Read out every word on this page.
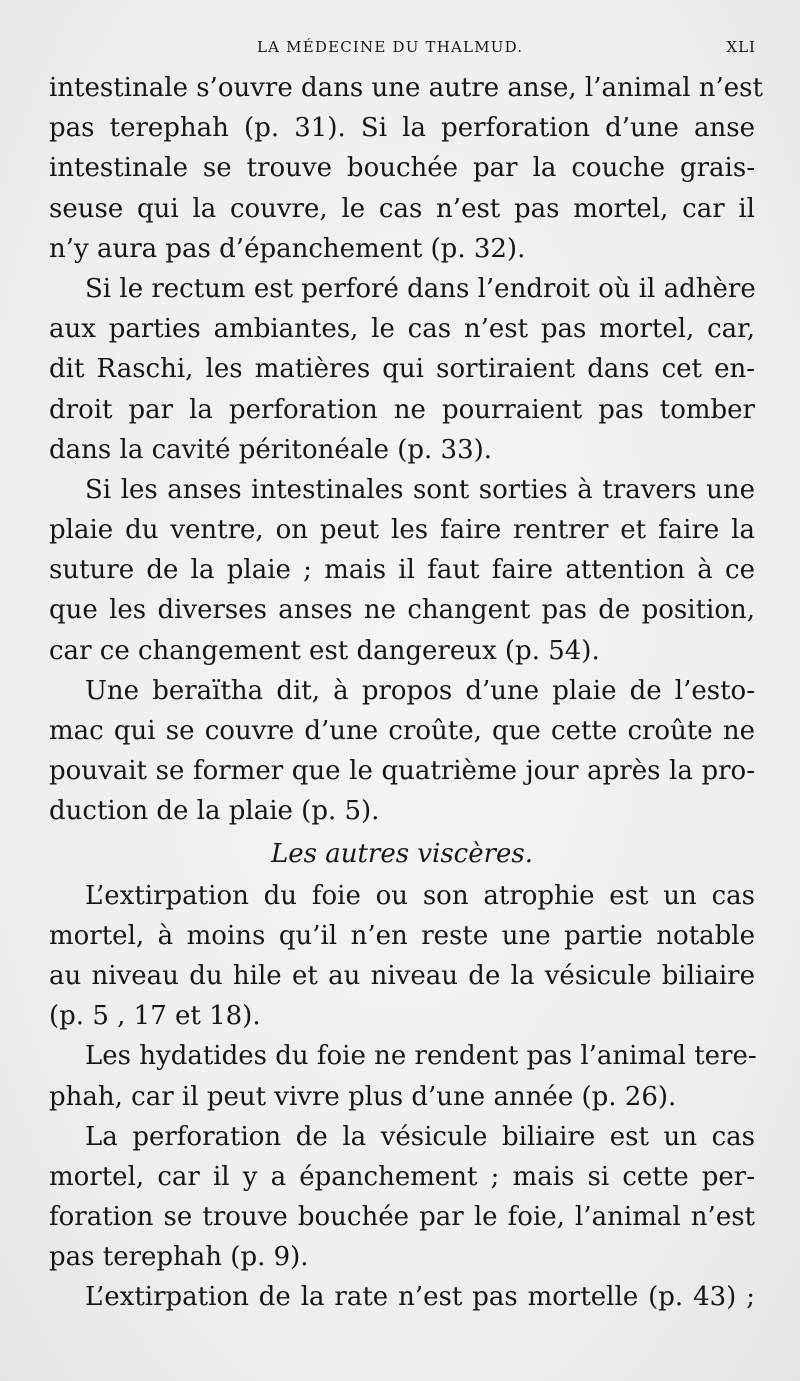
LA MÉDECINE DU THALMUD.	XLI
intestinale s’ouvre dans une autre anse, l’animal n’est
pas terephah (p. 31). Si la perforation d’une anse
intestinale se trouve bouchée par la couche grais-
seuse qui la couvre, le cas n’est pas mortel, car il
n’y aura pas d’épanchement (p. 32).
Si le rectum est perforé dans l’endroit où il adhère
aux parties ambiantes, le cas n’est pas mortel, car,
dit Raschi, les matières qui sortiraient dans cet en-
droit par la perforation ne pourraient pas tomber
dans la cavité péritonéale (p. 33).
Si les anses intestinales sont sorties à travers une
plaie du ventre, on peut les faire rentrer et faire la
suture de la plaie ; mais il faut faire attention à ce
que les diverses anses ne changent pas de position,
car ce changement est dangereux (p. 54).
Une beraïtha dit, à propos d’une plaie de l’esto-
mac qui se couvre d’une croûte, que cette croûte ne
pouvait se former que le quatrième jour après la pro-
duction de la plaie (p. 5).
Les autres viscères.
L’extirpation du foie ou son atrophie est un cas
mortel, à moins qu’il n’en reste une partie notable
au niveau du hile et au niveau de la vésicule biliaire
(p. 5 , 17 et 18).
Les hydatides du foie ne rendent pas l’animal tere-
phah, car il peut vivre plus d’une année (p. 26).
La perforation de la vésicule biliaire est un cas
mortel, car il y a épanchement ; mais si cette per-
foration se trouve bouchée par le foie, l’animal n’est
pas terephah (p. 9).
L’extirpation de la rate n’est pas mortelle (p. 43) ;
